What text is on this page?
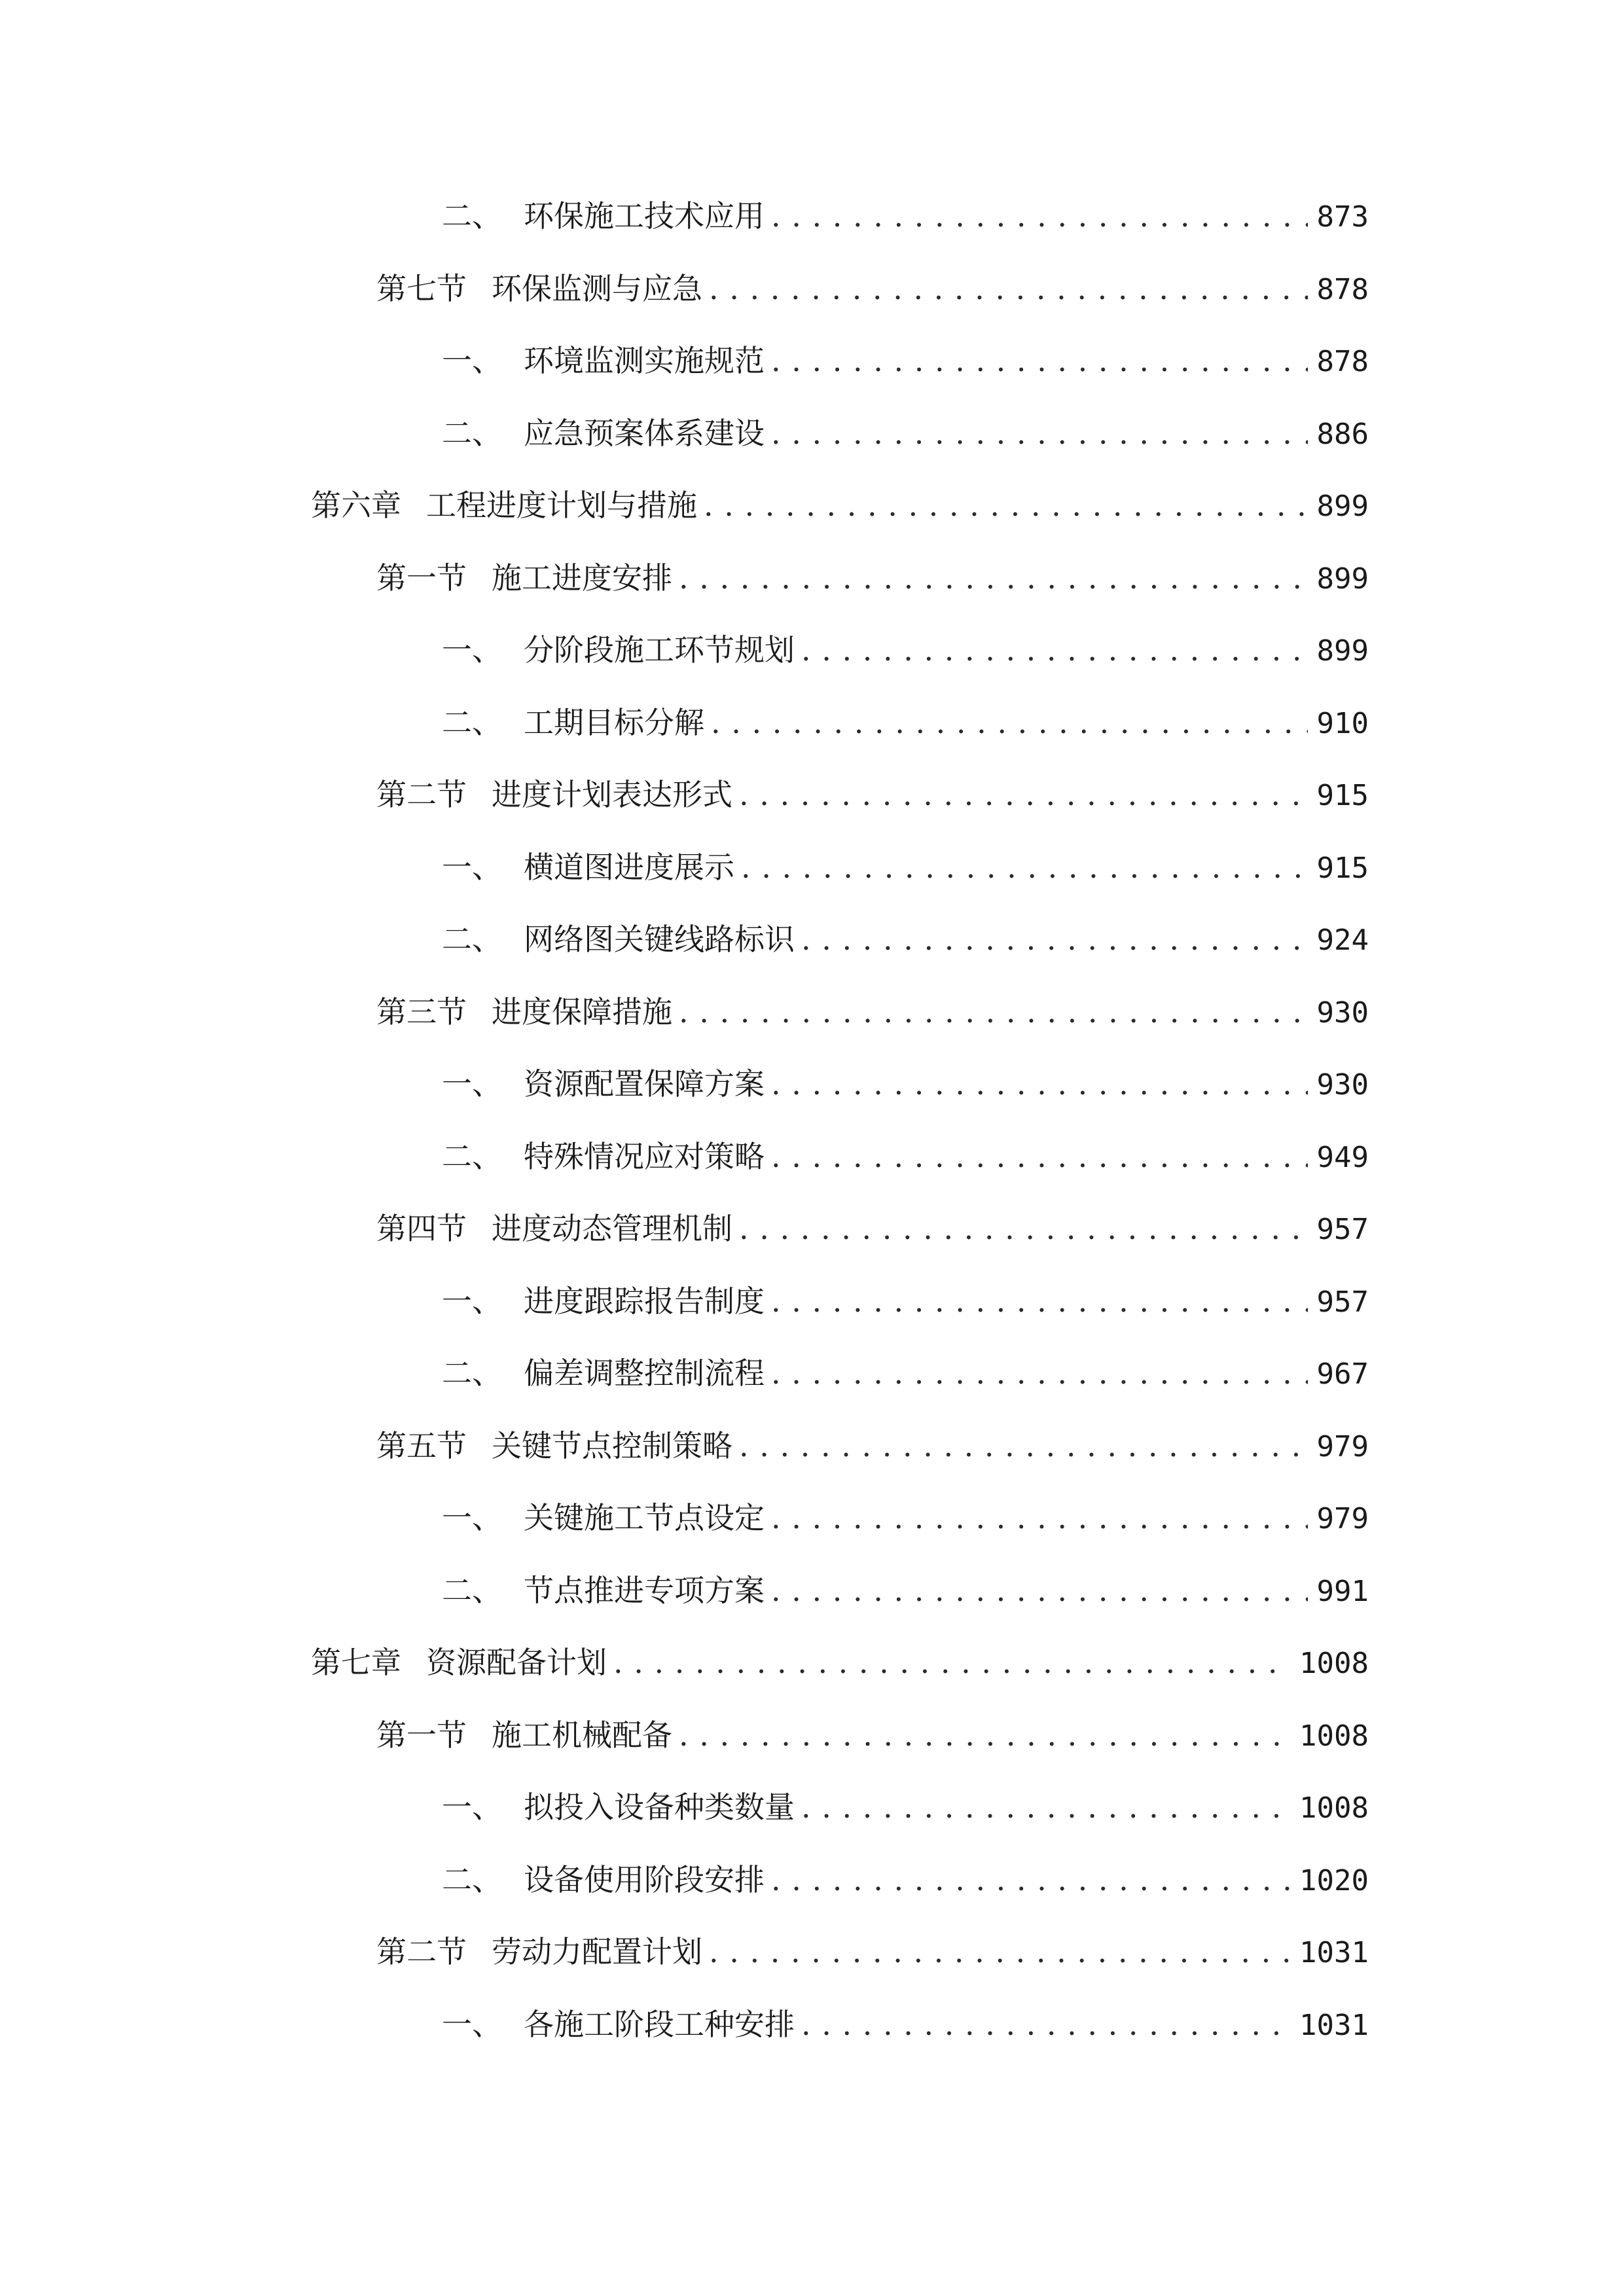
二、 环保施工技术应用 . . .	873
第七节 环保监测与应急 . . .	878
一、 环境监测实施规范 . . .	878
二、 应急预案体系建设 . . .	886
第六章 工程进度计划与措施 . . .	899
第一节 施工进度安排 . . .	899
一、 分阶段施工环节规划 . . .	899
二、 工期目标分解 . . .	910
第二节 进度计划表达形式 . . .	915
一、 横道图进度展示 . . .	915
二、 网络图关键线路标识 . . .	924
第三节 进度保障措施 . . .	930
一、 资源配置保障方案 . . .	930
二、 特殊情况应对策略 . . .	949
第四节 进度动态管理机制 . . .	957
一、 进度跟踪报告制度 . . .	957
二、 偏差调整控制流程 . . .	967
第五节 关键节点控制策略 . . .	979
一、 关键施工节点设定 . . .	979
二、 节点推进专项方案 . . .	991
第七章 资源配备计划 . . .	1008
第一节 施工机械配备 . . .	1008
一、 拟投入设备种类数量 . . .	1008
二、 设备使用阶段安排 . . .	1020
第二节 劳动力配置计划 . . .	1031
一、 各施工阶段工种安排 . . .	1031
